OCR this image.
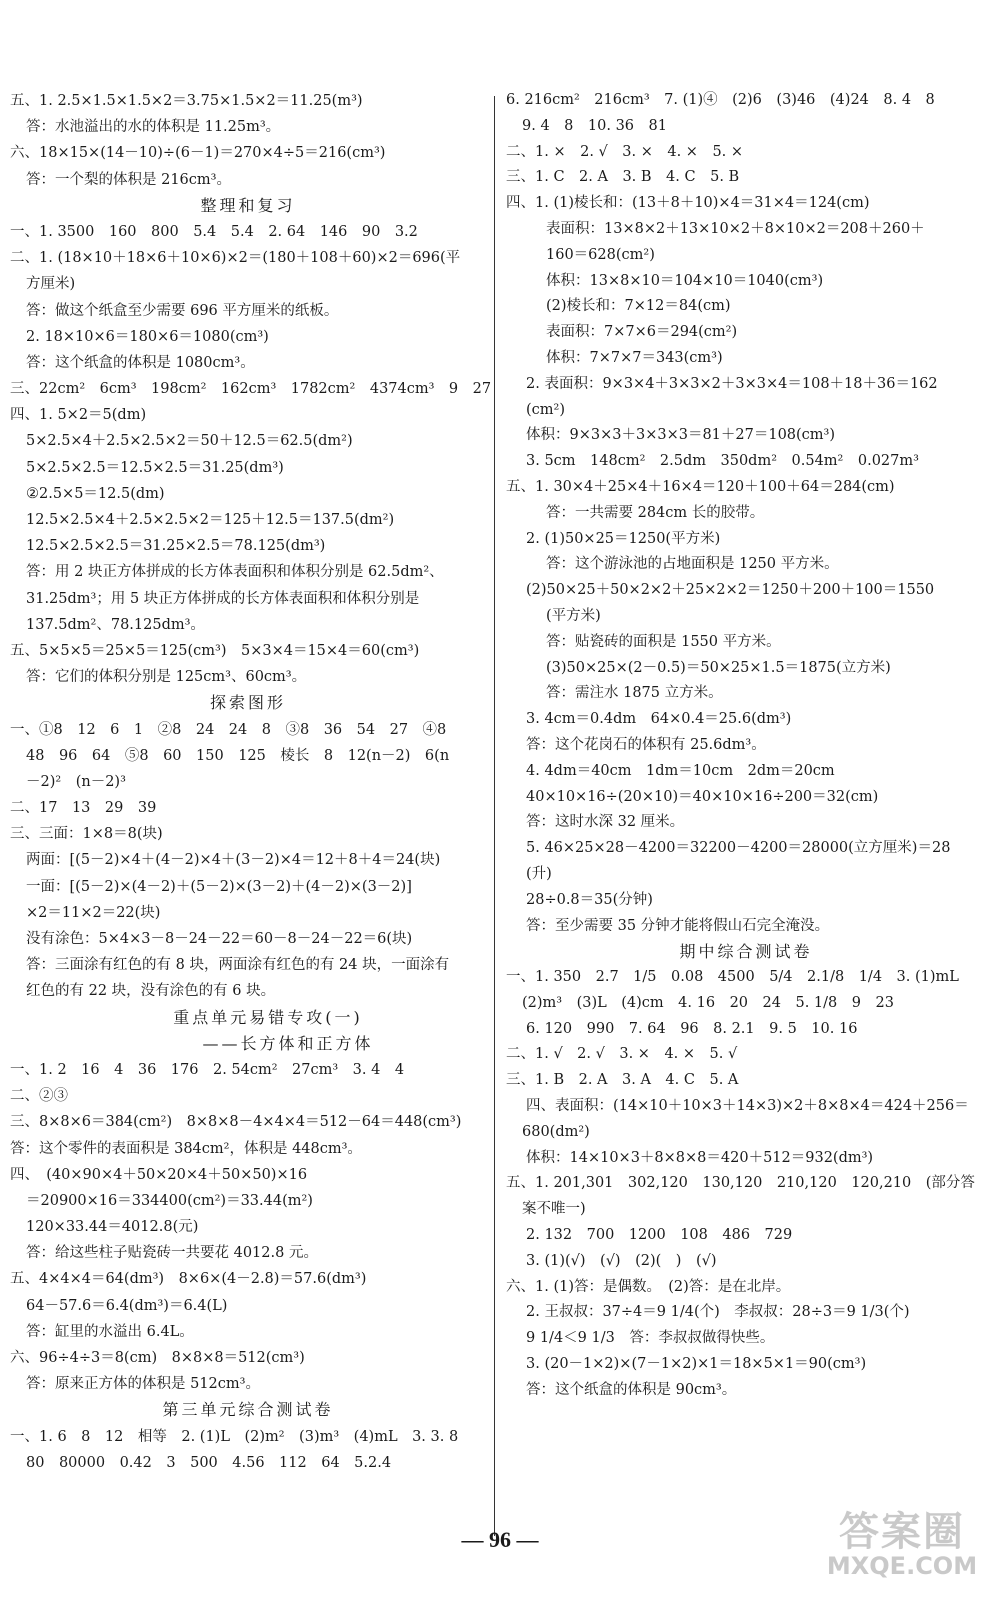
五、1. 2.5×1.5×1.5×2＝3.75×1.5×2＝11.25(m³)
答：水池溢出的水的体积是 11.25m³。
六、18×15×(14－10)÷(6－1)＝270×4÷5＝216(cm³)
答：一个梨的体积是 216cm³。
整理和复习
一、1. 3500　160　800　5.4　5.4　2. 64　146　90　3.2
二、1. (18×10＋18×6＋10×6)×2＝(180＋108＋60)×2＝696(平
方厘米)
答：做这个纸盒至少需要 696 平方厘米的纸板。
2. 18×10×6＝180×6＝1080(cm³)
答：这个纸盒的体积是 1080cm³。
三、22cm²　6cm³　198cm²　162cm³　1782cm²　4374cm³　9　27
四、1. 5×2＝5(dm)
5×2.5×4＋2.5×2.5×2＝50＋12.5＝62.5(dm²)
5×2.5×2.5＝12.5×2.5＝31.25(dm³)
②2.5×5＝12.5(dm)
12.5×2.5×4＋2.5×2.5×2＝125＋12.5＝137.5(dm²)
12.5×2.5×2.5＝31.25×2.5＝78.125(dm³)
答：用 2 块正方体拼成的长方体表面积和体积分别是 62.5dm²、
31.25dm³；用 5 块正方体拼成的长方体表面积和体积分别是
137.5dm²、78.125dm³。
五、5×5×5＝25×5＝125(cm³)　5×3×4＝15×4＝60(cm³)
答：它们的体积分别是 125cm³、60cm³。
探索图形
一、①8　12　6　1　②8　24　24　8　③8　36　54　27　④8
48　96　64　⑤8　60　150　125　棱长　8　12(n－2)　6(n
－2)²　(n－2)³
二、17　13　29　39
三、三面：1×8＝8(块)
两面：[(5－2)×4＋(4－2)×4＋(3－2)×4＝12＋8＋4＝24(块)
一面：[(5－2)×(4－2)＋(5－2)×(3－2)＋(4－2)×(3－2)]
×2＝11×2＝22(块)
没有涂色：5×4×3－8－24－22＝60－8－24－22＝6(块)
答：三面涂有红色的有 8 块，两面涂有红色的有 24 块，一面涂有
红色的有 22 块，没有涂色的有 6 块。
重点单元易错专攻(一)
——长方体和正方体
一、1. 2　16　4　36　176　2. 54cm²　27cm³　3. 4　4
二、②③
三、8×8×6＝384(cm²)　8×8×8－4×4×4＝512－64＝448(cm³)
答：这个零件的表面积是 384cm²，体积是 448cm³。
四、　(40×90×4＋50×20×4＋50×50)×16
＝20900×16＝334400(cm²)＝33.44(m²)
120×33.44＝4012.8(元)
答：给这些柱子贴瓷砖一共要花 4012.8 元。
五、4×4×4＝64(dm³)　8×6×(4－2.8)＝57.6(dm³)
64－57.6＝6.4(dm³)＝6.4(L)
答：缸里的水溢出 6.4L。
六、96÷4÷3＝8(cm)　8×8×8＝512(cm³)
答：原来正方体的体积是 512cm³。
第三单元综合测试卷
一、1. 6　8　12　相等　2. (1)L　(2)m²　(3)m³　(4)mL　3. 3. 8
80　80000　0.42　3　500　4.56　112　64　5.2.4
6. 216cm²　216cm³　7. (1)④　(2)6　(3)46　(4)24　8. 4　8
9. 4　8　10. 36　81
二、1. ×　2. √　3. ×　4. ×　5. ×
三、1. C　2. A　3. B　4. C　5. B
四、1. (1)棱长和：(13＋8＋10)×4＝31×4＝124(cm)
表面积：13×8×2＋13×10×2＋8×10×2＝208＋260＋
160＝628(cm²)
体积：13×8×10＝104×10＝1040(cm³)
(2)棱长和：7×12＝84(cm)
表面积：7×7×6＝294(cm²)
体积：7×7×7＝343(cm³)
2. 表面积：9×3×4＋3×3×2＋3×3×4＝108＋18＋36＝162
(cm²)
体积：9×3×3＋3×3×3＝81＋27＝108(cm³)
3. 5cm　148cm²　2.5dm　350dm²　0.54m²　0.027m³
五、1. 30×4＋25×4＋16×4＝120＋100＋64＝284(cm)
答：一共需要 284cm 长的胶带。
2. (1)50×25＝1250(平方米)
答：这个游泳池的占地面积是 1250 平方米。
(2)50×25＋50×2×2＋25×2×2＝1250＋200＋100＝1550
(平方米)
答：贴瓷砖的面积是 1550 平方米。
(3)50×25×(2－0.5)＝50×25×1.5＝1875(立方米)
答：需注水 1875 立方米。
3. 4cm＝0.4dm　64×0.4＝25.6(dm³)
答：这个花岗石的体积有 25.6dm³。
4. 4dm＝40cm　1dm＝10cm　2dm＝20cm
40×10×16÷(20×10)＝40×10×16÷200＝32(cm)
答：这时水深 32 厘米。
5. 46×25×28－4200＝32200－4200＝28000(立方厘米)＝28
(升)
28÷0.8＝35(分钟)
答：至少需要 35 分钟才能将假山石完全淹没。
期中综合测试卷
一、1. 350　2.7　1/5　0.08　4500　5/4　2.1/8　1/4　3. (1)mL
(2)m³　(3)L　(4)cm　4. 16　20　24　5. 1/8　9　23
6. 120　990　7. 64　96　8. 2.1　9. 5　10. 16
二、1. √　2. √　3. ×　4. ×　5. √
三、1. B　2. A　3. A　4. C　5. A
四、表面积：(14×10＋10×3＋14×3)×2＋8×8×4＝424＋256＝
680(dm²)
体积：14×10×3＋8×8×8＝420＋512＝932(dm³)
五、1. 201,301　302,120　130,120　210,120　120,210　(部分答
案不唯一)
2. 132　700　1200　108　486　729
3. (1)(√)　(√)　(2)(　)　(√)
六、1. (1)答：是偶数。　(2)答：是在北岸。
2. 王叔叔：37÷4＝9 1/4(个)　李叔叔：28÷3＝9 1/3(个)
9 1/4＜9 1/3　答：李叔叔做得快些。
3. (20－1×2)×(7－1×2)×1＝18×5×1＝90(cm³)
答：这个纸盒的体积是 90cm³。
— 96 —	答案圈
MXQE.COM
